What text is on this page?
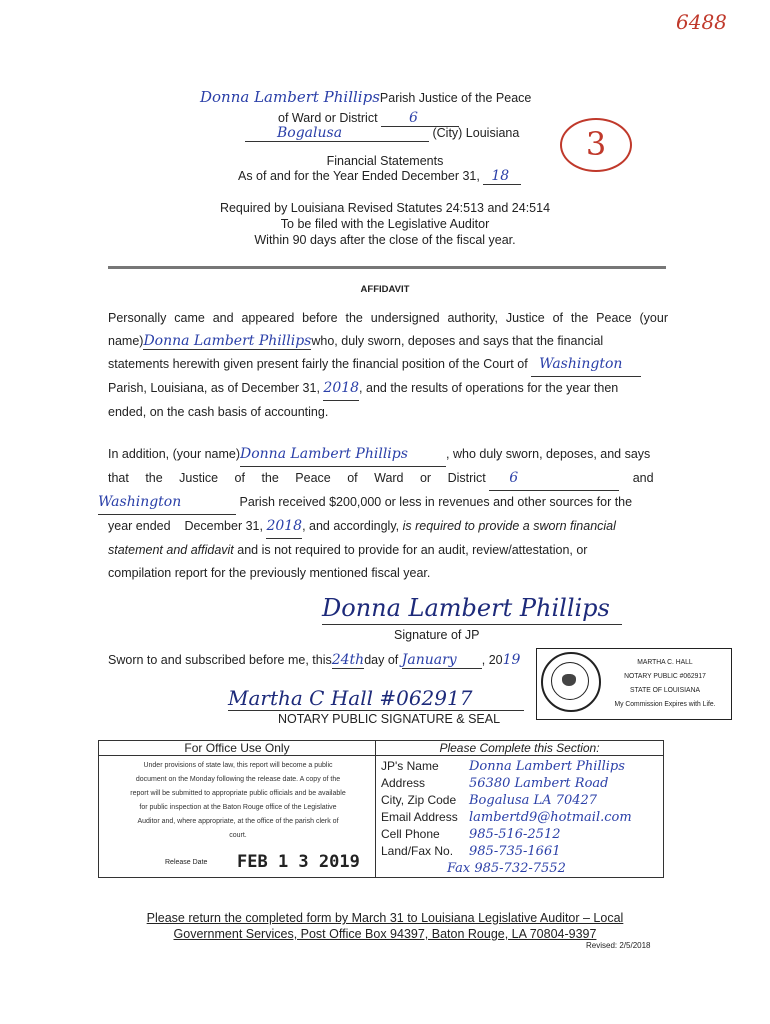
6488
3
Donna Lambert PhillipsParish Justice of the Peace
of Ward or District 6
Bogalusa	(City) Louisiana
Financial Statements
As of and for the Year Ended December 31, 18
Required by Louisiana Revised Statutes 24:513 and 24:514
To be filed with the Legislative Auditor
Within 90 days after the close of the fiscal year.
AFFIDAVIT
Personally came and appeared before the undersigned authority, Justice of the Peace (your
name)Donna Lambert Phillipswho, duly sworn, deposes and says that the financial
statements herewith given present fairly the financial position of the Court of Washington
Parish, Louisiana, as of December 31, 2018, and the results of operations for the year then
ended, on the cash basis of accounting.
In addition, (your name)Donna Lambert Phillips	, who duly sworn, deposes, and says
that the Justice of the Peace of Ward or District 6	and
Washington	Parish received $200,000 or less in revenues and other sources for the
year ended    December 31, 2018, and accordingly, is required to provide a sworn financial
statement and affidavit and is not required to provide for an audit, review/attestation, or
compilation report for the previously mentioned fiscal year.
Donna Lambert Phillips
Signature of JP
Sworn to and subscribed before me, this24thday of January , 2019
Martha C Hall #062917
NOTARY PUBLIC SIGNATURE & SEAL
MARTHA C. HALL
NOTARY PUBLIC #062917
STATE OF LOUISIANA
My Commission Expires with Life.
For Office Use Only
Under provisions of state law, this report will become a public
document on the Monday following the release date. A copy of the
report will be submitted to appropriate public officials and be available
for public inspection at the Baton Rouge office of the Legislative
Auditor and, where appropriate, at the office of the parish clerk of
court.
Release Date FEB 1 3 2019
Please Complete this Section:
JP's Name Donna Lambert Phillips
Address	56380 Lambert Road
City, Zip Code Bogalusa LA 70427
Email Address lambertd9@hotmail.com
Cell Phone 985-516-2512
Land/Fax No. 985-735-1661
Fax 985-732-7552
Please return the completed form by March 31 to Louisiana Legislative Auditor – Local
Government Services, Post Office Box 94397, Baton Rouge, LA 70804-9397
Revised: 2/5/2018
